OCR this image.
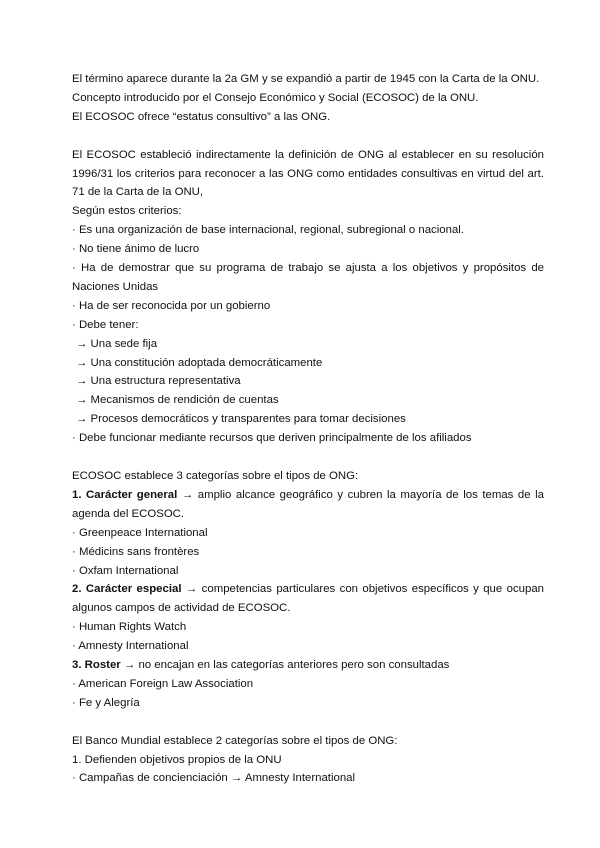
El término aparece durante la 2a GM y se expandió a partir de 1945 con la Carta de la ONU.
Concepto introducido por el Consejo Económico y Social (ECOSOC) de la ONU.
El ECOSOC ofrece “estatus consultivo” a las ONG.
El ECOSOC estableció indirectamente la definición de ONG al establecer en su resolución 1996/31 los criterios para reconocer a las ONG como entidades consultivas en virtud del art. 71 de la Carta de la ONU,
Según estos criterios:
· Es una organización de base internacional, regional, subregional o nacional.
· No tiene ánimo de lucro
· Ha de demostrar que su programa de trabajo se ajusta a los objetivos y propósitos de Naciones Unidas
· Ha de ser reconocida por un gobierno
· Debe tener:
→ Una sede fija
→ Una constitución adoptada democráticamente
→ Una estructura representativa
→ Mecanismos de rendición de cuentas
→ Procesos democráticos y transparentes para tomar decisiones
· Debe funcionar mediante recursos que deriven principalmente de los afiliados
ECOSOC establece 3 categorías sobre el tipos de ONG:
1. Carácter general → amplio alcance geográfico y cubren la mayoría de los temas de la agenda del ECOSOC.
· Greenpeace International
· Médicins sans frontères
· Oxfam International
2. Carácter especial → competencias particulares con objetivos específicos y que ocupan algunos campos de actividad de ECOSOC.
· Human Rights Watch
· Amnesty International
3. Roster → no encajan en las categorías anteriores pero son consultadas
· American Foreign Law Association
· Fe y Alegría
El Banco Mundial establece 2 categorías sobre el tipos de ONG:
1. Defienden objetivos propios de la ONU
· Campañas de concienciación → Amnesty International
